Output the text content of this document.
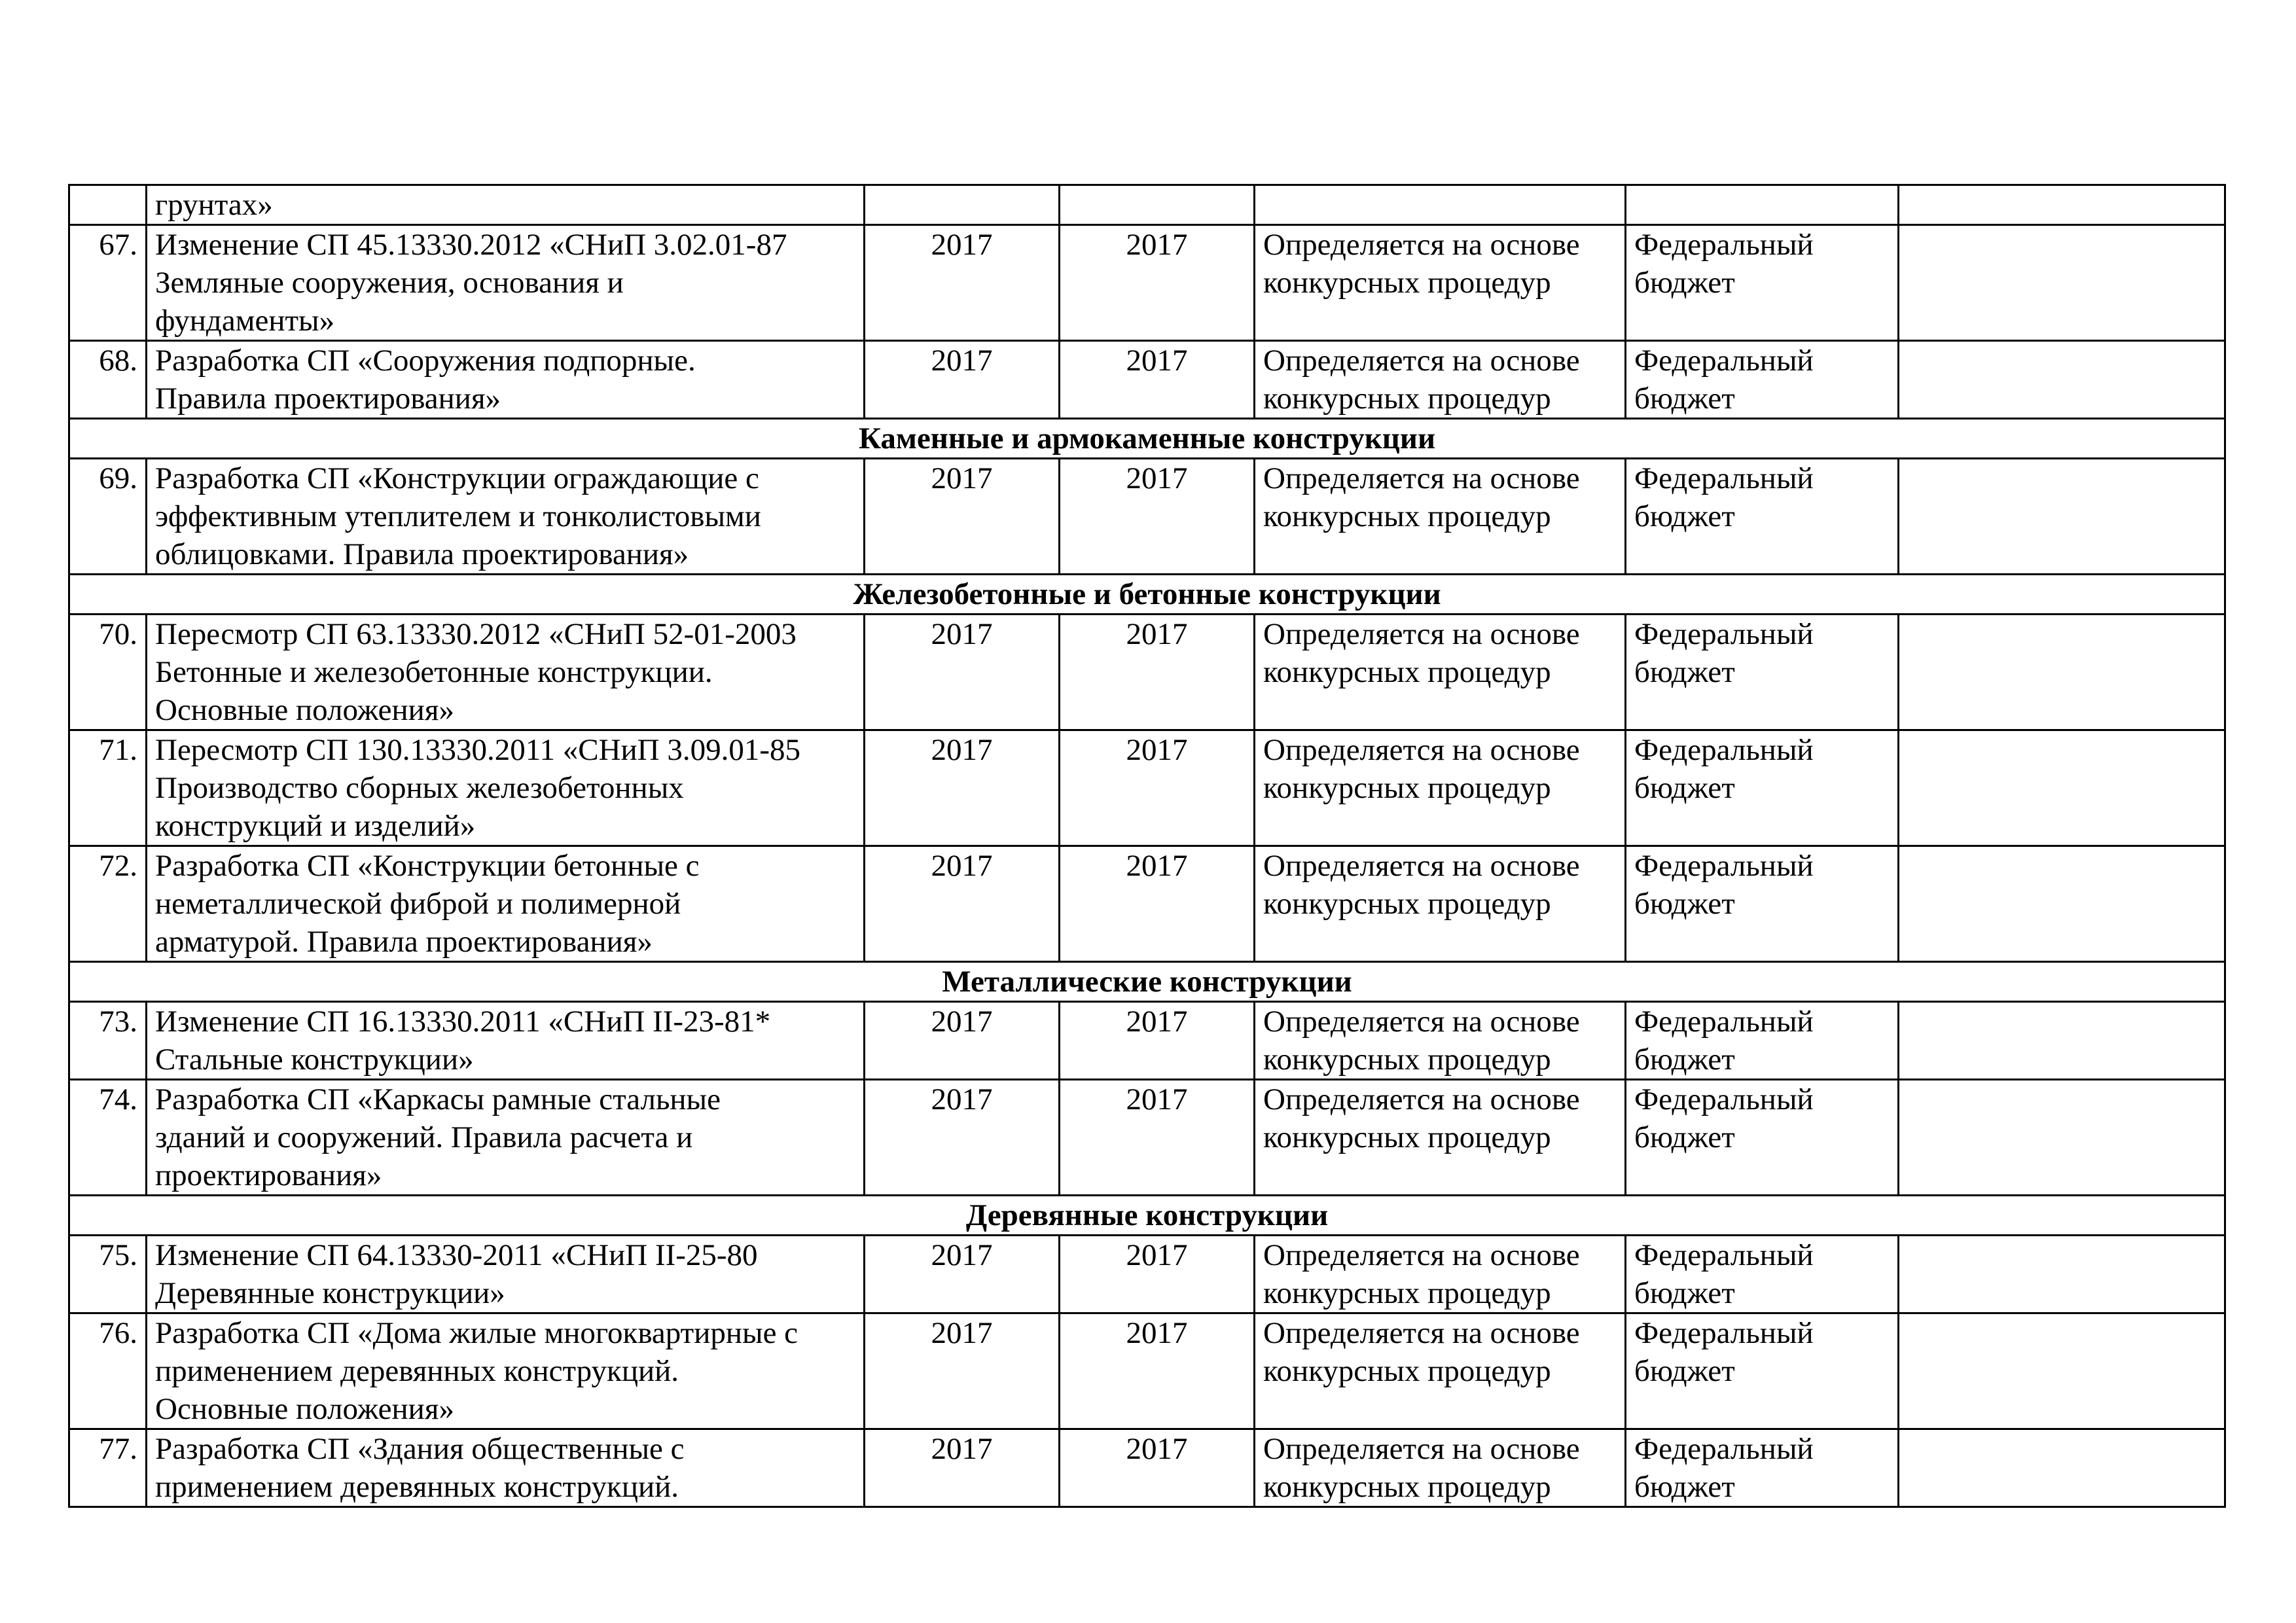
	грунтах»					

67.	Изменение СП 45.13330.2012 «СНиП 3.02.01-87
Земляные сооружения, основания и
фундаменты»	2017	2017	Определяется на основе
конкурсных процедур	Федеральный
бюджет	

68.	Разработка СП «Сооружения подпорные.
Правила проектирования»	2017	2017	Определяется на основе
конкурсных процедур	Федеральный
бюджет	

Каменные и армокаменные конструкции						
69.	Разработка СП «Конструкции ограждающие с
эффективным утеплителем и тонколистовыми
облицовками. Правила проектирования»	2017	2017	Определяется на основе
конкурсных процедур	Федеральный
бюджет	

Железобетонные и бетонные конструкции						
70.	Пересмотр СП 63.13330.2012 «СНиП 52-01-2003
Бетонные и железобетонные конструкции.
Основные положения»	2017	2017	Определяется на основе
конкурсных процедур	Федеральный
бюджет	

71.	Пересмотр СП 130.13330.2011 «СНиП 3.09.01-85
Производство сборных железобетонных
конструкций и изделий»	2017	2017	Определяется на основе
конкурсных процедур	Федеральный
бюджет	

72.	Разработка СП «Конструкции бетонные с
неметаллической фиброй и полимерной
арматурой. Правила проектирования»	2017	2017	Определяется на основе
конкурсных процедур	Федеральный
бюджет	

Металлические конструкции						
73.	Изменение СП 16.13330.2011 «СНиП II-23-81*
Стальные конструкции»	2017	2017	Определяется на основе
конкурсных процедур	Федеральный
бюджет	

74.	Разработка СП «Каркасы рамные стальные
зданий и сооружений. Правила расчета и
проектирования»	2017	2017	Определяется на основе
конкурсных процедур	Федеральный
бюджет	

Деревянные конструкции						
75.	Изменение СП 64.13330-2011 «СНиП II-25-80
Деревянные конструкции»	2017	2017	Определяется на основе
конкурсных процедур	Федеральный
бюджет	

76.	Разработка СП «Дома жилые многоквартирные с
применением деревянных конструкций.
Основные положения»	2017	2017	Определяется на основе
конкурсных процедур	Федеральный
бюджет	

77.	Разработка СП «Здания общественные с
применением деревянных конструкций.	2017	2017	Определяется на основе
конкурсных процедур	Федеральный
бюджет	
